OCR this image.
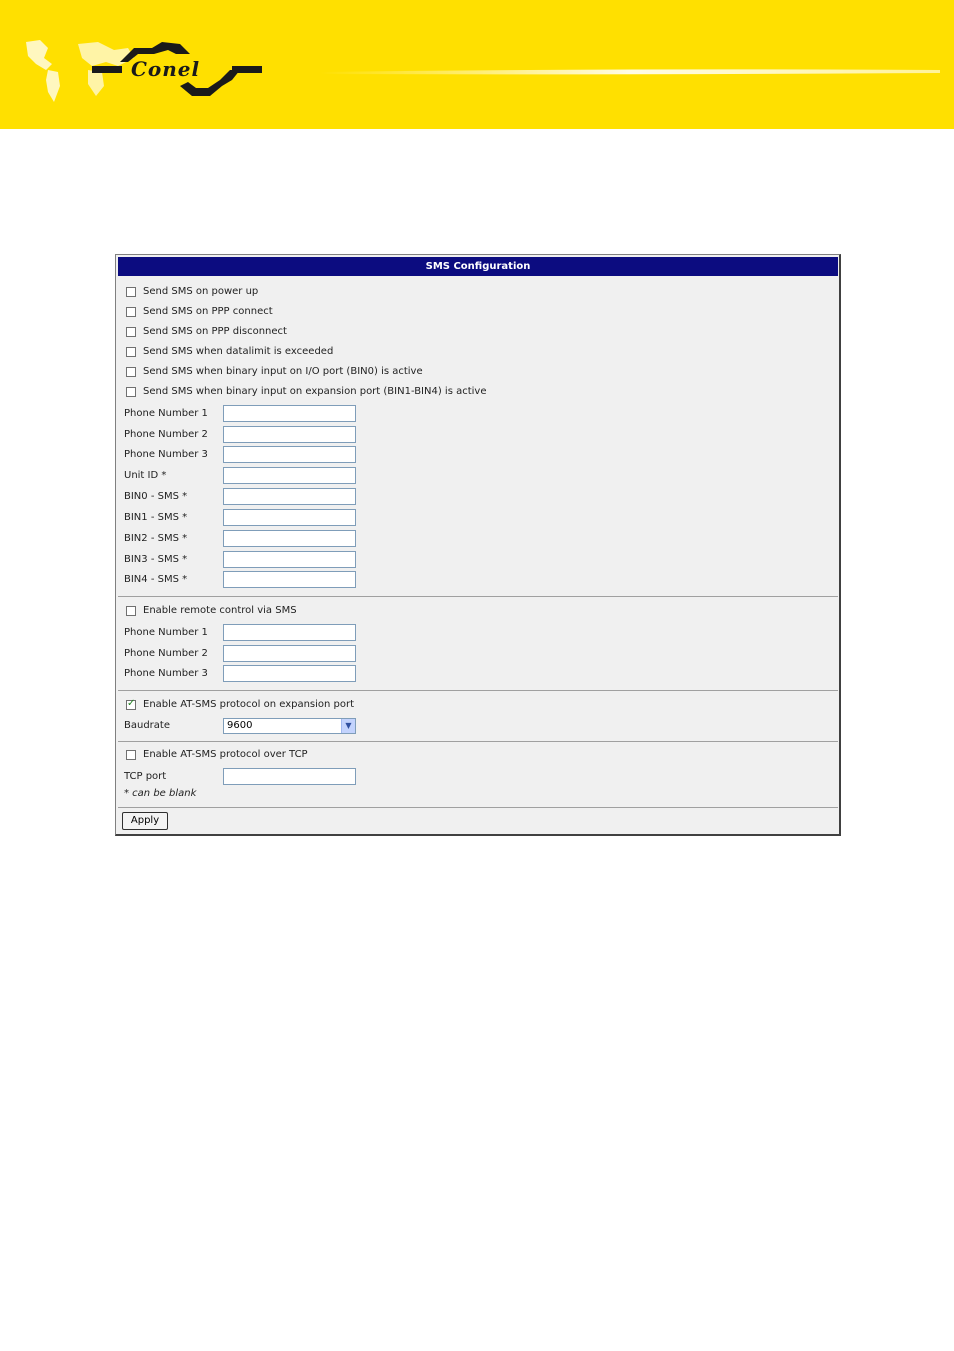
Conel
SMS Configuration
Send SMS on power up
Send SMS on PPP connect
Send SMS on PPP disconnect
Send SMS when datalimit is exceeded
Send SMS when binary input on I/O port (BIN0) is active
Send SMS when binary input on expansion port (BIN1-BIN4) is active
Phone Number 1
Phone Number 2
Phone Number 3
Unit ID *
BIN0 - SMS *
BIN1 - SMS *
BIN2 - SMS *
BIN3 - SMS *
BIN4 - SMS *
Enable remote control via SMS
Phone Number 1
Phone Number 2
Phone Number 3
✓
Enable AT-SMS protocol on expansion port
Baudrate	9600	▼
Enable AT-SMS protocol over TCP
TCP port
* can be blank
Apply
